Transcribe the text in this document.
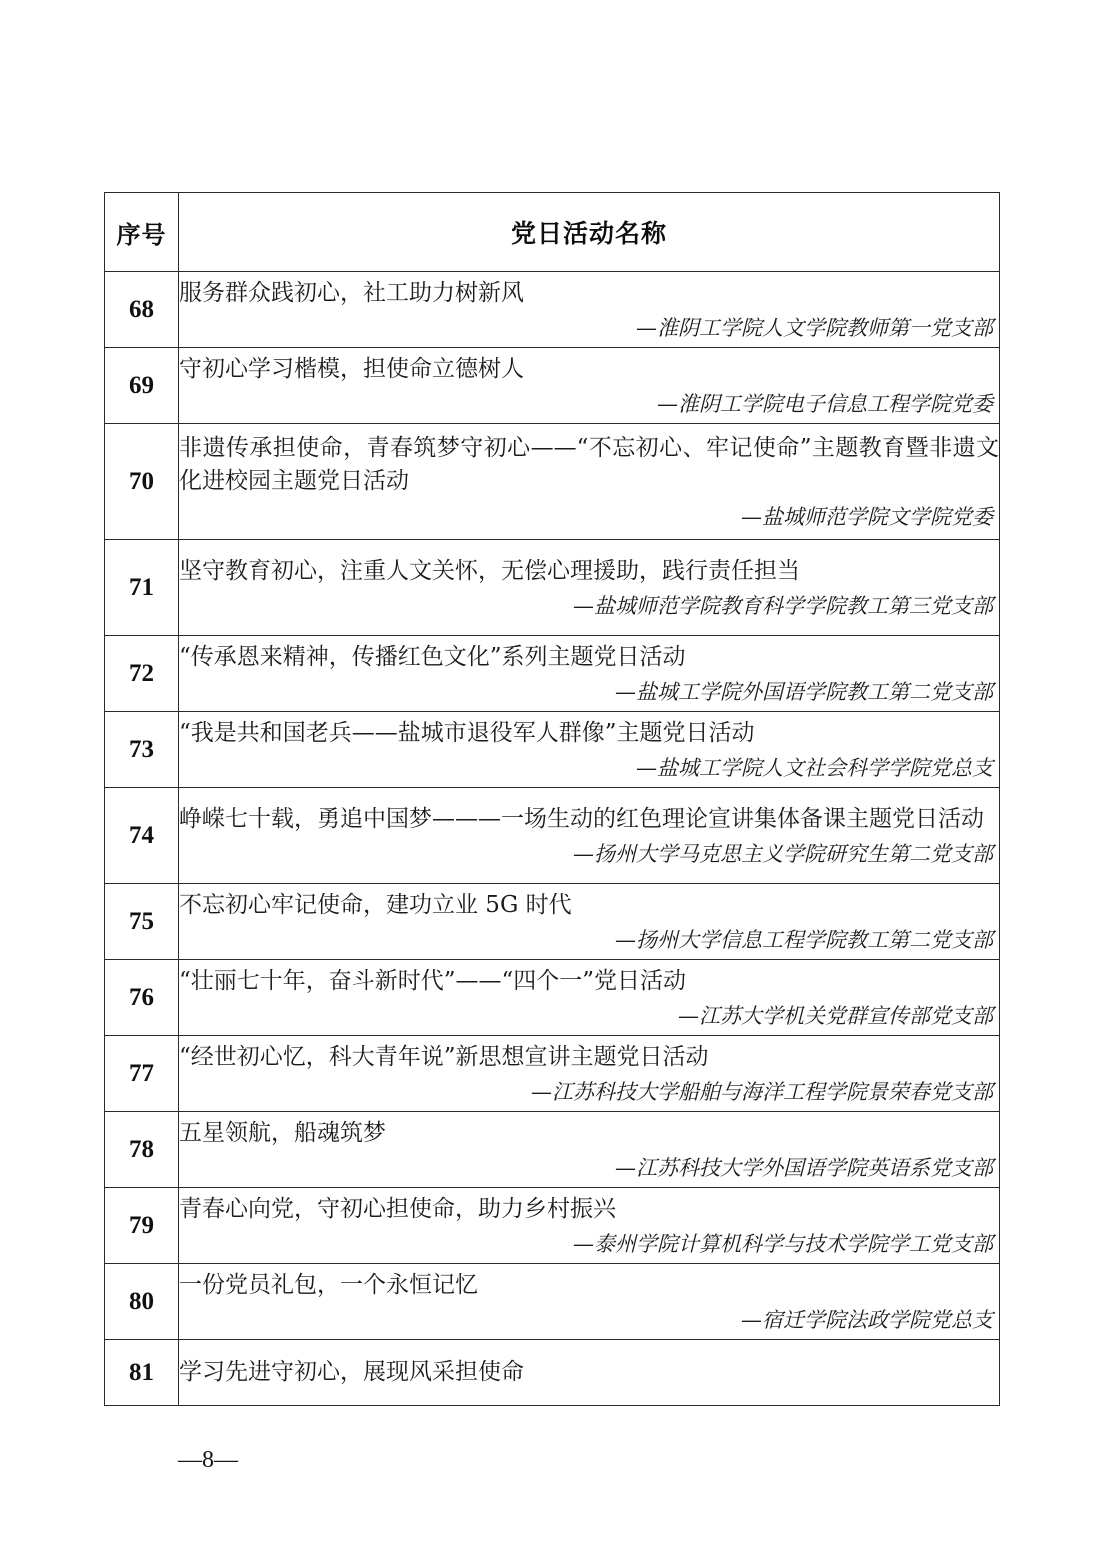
序号	党日活动名称
68	服务群众践初心，社工助力树新风
—淮阴工学院人文学院教师第一党支部

69	守初心学习楷模，担使命立德树人
—淮阴工学院电子信息工程学院党委

70	非遗传承担使命，青春筑梦守初心——“不忘初心、牢记使命”主题教育暨非遗文化进校园主题党日活动
—盐城师范学院文学院党委

71	坚守教育初心，注重人文关怀，无偿心理援助，践行责任担当
—盐城师范学院教育科学学院教工第三党支部

72	“传承恩来精神，传播红色文化”系列主题党日活动
—盐城工学院外国语学院教工第二党支部

73	“我是共和国老兵——盐城市退役军人群像”主题党日活动
—盐城工学院人文社会科学学院党总支

74	峥嵘七十载，勇追中国梦———一场生动的红色理论宣讲集体备课主题党日活动
—扬州大学马克思主义学院研究生第二党支部

75	不忘初心牢记使命，建功立业 5G 时代
—扬州大学信息工程学院教工第二党支部

76	“壮丽七十年，奋斗新时代”——“四个一”党日活动
—江苏大学机关党群宣传部党支部

77	“经世初心忆，科大青年说”新思想宣讲主题党日活动
—江苏科技大学船舶与海洋工程学院景荣春党支部

78	五星领航，船魂筑梦
—江苏科技大学外国语学院英语系党支部

79	青春心向党，守初心担使命，助力乡村振兴
—泰州学院计算机科学与技术学院学工党支部

80	一份党员礼包，一个永恒记忆
—宿迁学院法政学院党总支

81	学习先进守初心，展现风采担使命
—8—
